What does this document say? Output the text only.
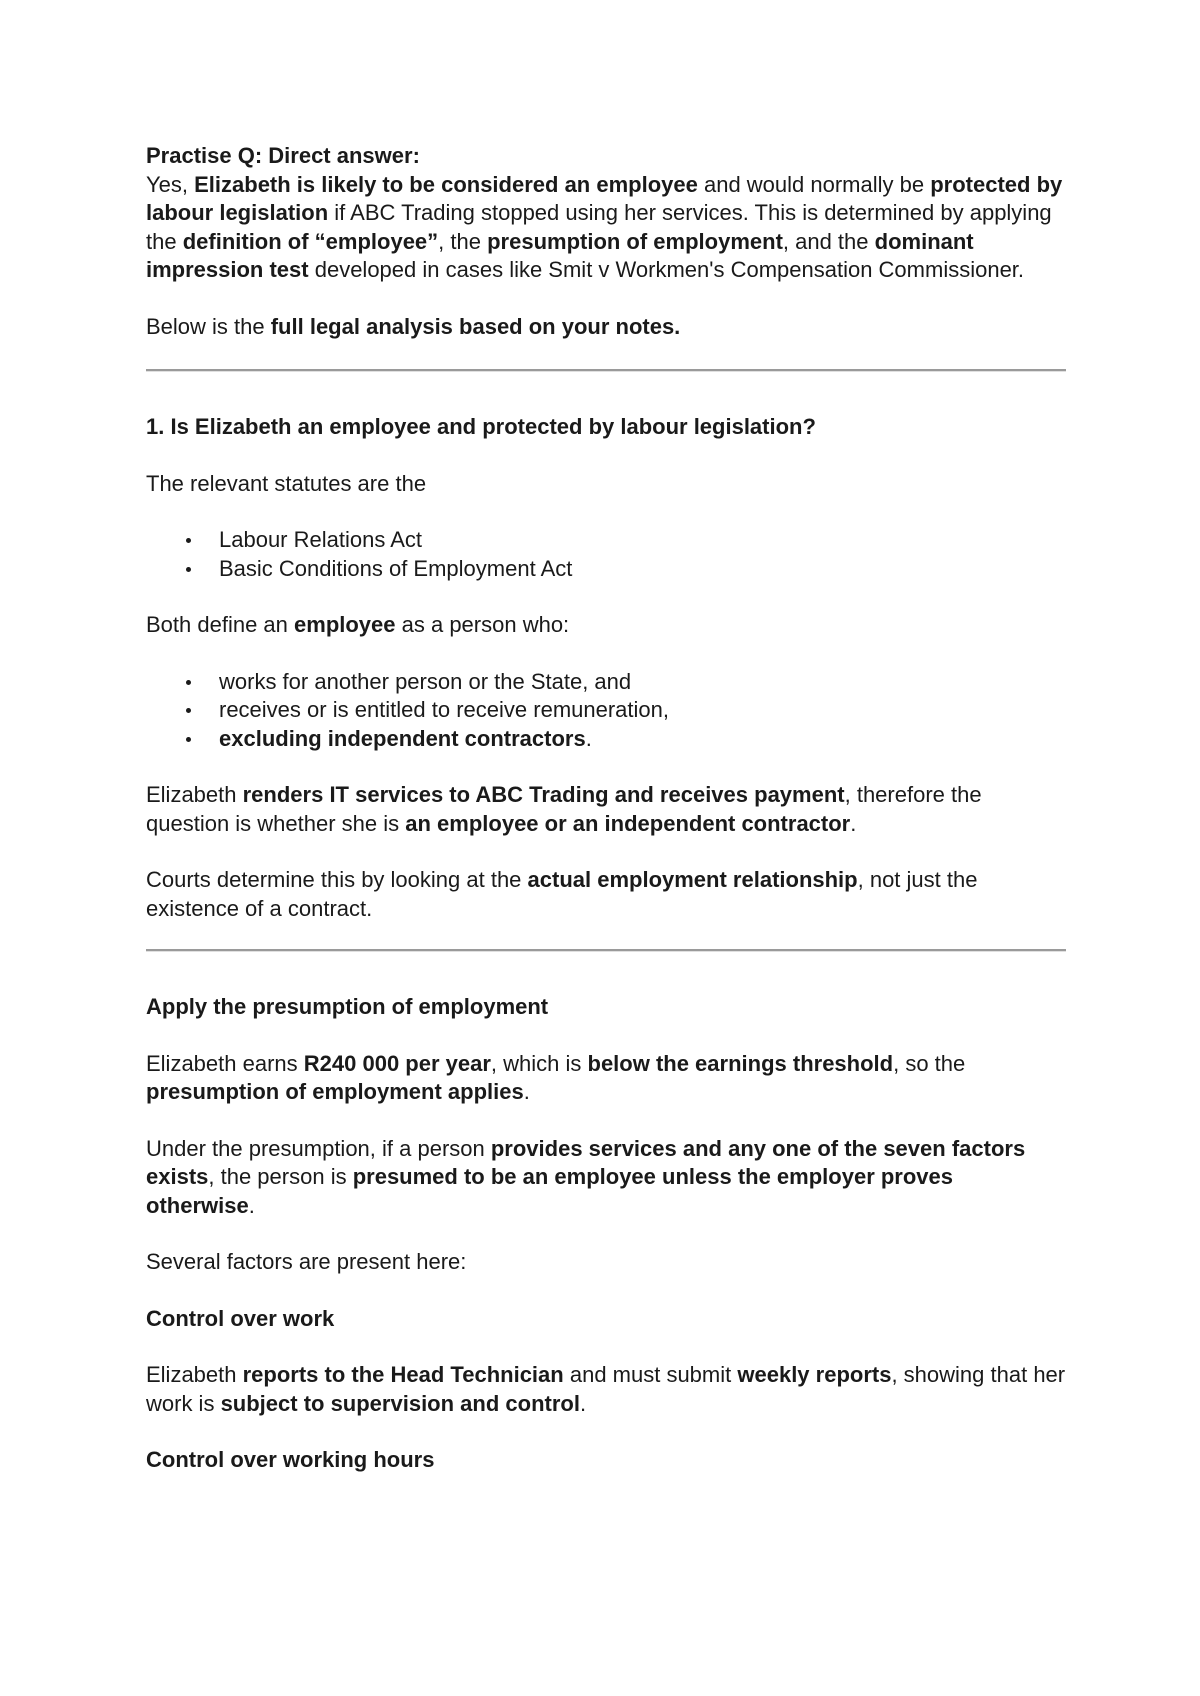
Practise Q: Direct answer:

Yes, Elizabeth is likely to be considered an employee and would normally be protected by labour legislation if ABC Trading stopped using her services. This is determined by applying the definition of “employee”, the presumption of employment, and the dominant impression test developed in cases like Smit v Workmen's Compensation Commissioner.

Below is the full legal analysis based on your notes.

1. Is Elizabeth an employee and protected by labour legislation?

The relevant statutes are the

Labour Relations Act
Basic Conditions of Employment Act

Both define an employee as a person who:

works for another person or the State, and
receives or is entitled to receive remuneration,
excluding independent contractors.

Elizabeth renders IT services to ABC Trading and receives payment, therefore the question is whether she is an employee or an independent contractor.

Courts determine this by looking at the actual employment relationship, not just the existence of a contract.

Apply the presumption of employment

Elizabeth earns R240 000 per year, which is below the earnings threshold, so the presumption of employment applies.

Under the presumption, if a person provides services and any one of the seven factors exists, the person is presumed to be an employee unless the employer proves otherwise.

Several factors are present here:

Control over work

Elizabeth reports to the Head Technician and must submit weekly reports, showing that her work is subject to supervision and control.

Control over working hours
